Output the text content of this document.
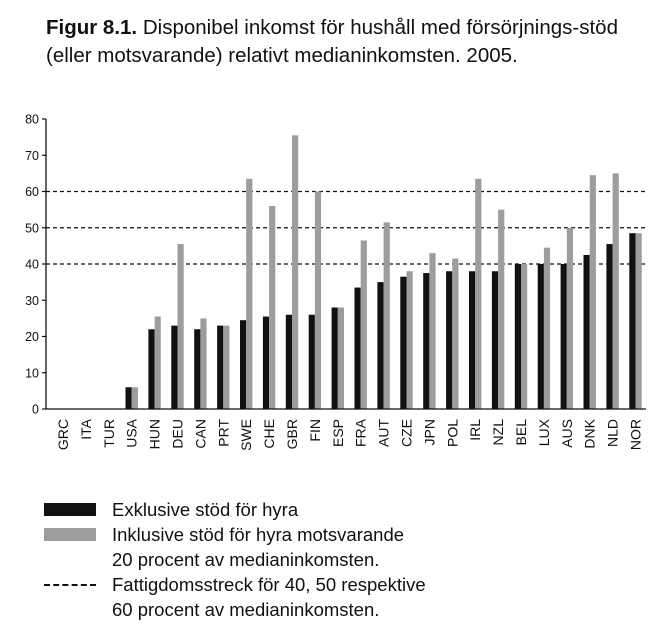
Figur 8.1. Disponibel inkomst för hushåll med försörjnings-stöd (eller motsvarande) relativt medianinkomsten. 2005.
0
10
20
30
40
50
60
70
80
GRC ITA TUR USA HUN DEU CAN PRT SWE CHE GBR FIN ESP FRA AUT CZE JPN POL IRL NZL BEL LUX AUS DNK NLD NOR
Exklusive stöd för hyra
Inklusive stöd för hyra motsvarande
20 procent av medianinkomsten.
Fattigdomsstreck för 40, 50 respektive
60 procent av medianinkomsten.
